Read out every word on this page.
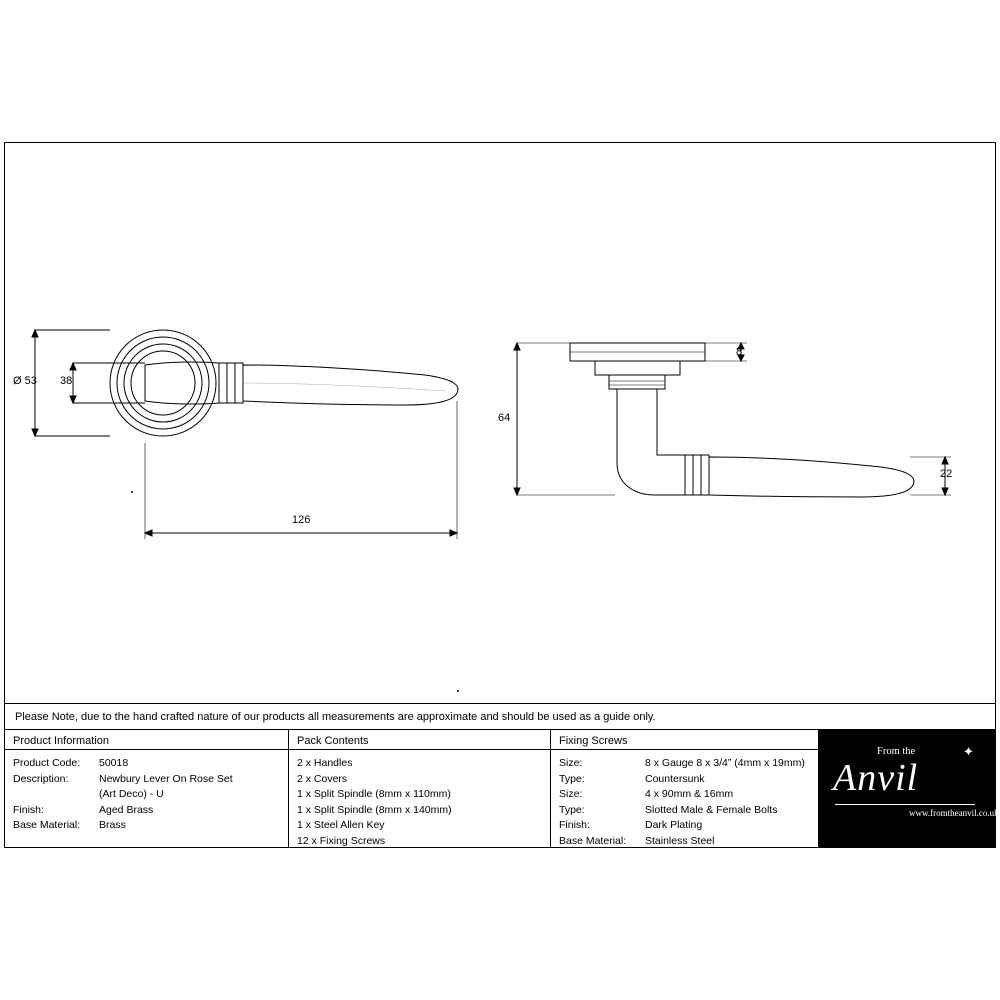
Ø 53 38
126
8
64
22
Please Note, due to the hand crafted nature of our products all measurements are approximate and should be used as a guide only.
Product Information
Product Code:	50018
Description:	Newbury Lever On Rose Set
(Art Deco) - U
Finish:	Aged Brass
Base Material:	Brass
Pack Contents
2 x Handles
2 x Covers
1 x Split Spindle (8mm x 110mm)
1 x Split Spindle (8mm x 140mm)
1 x Steel Allen Key
12 x Fixing Screws
Fixing Screws
Size:	8 x Gauge 8 x 3/4” (4mm x 19mm)
Type:	Countersunk
Size:	4 x 90mm & 16mm
Type:	Slotted Male & Female Bolts
Finish:	Dark Plating
Base Material:	Stainless Steel
From the	✦
Anvil
www.fromtheanvil.co.uk
